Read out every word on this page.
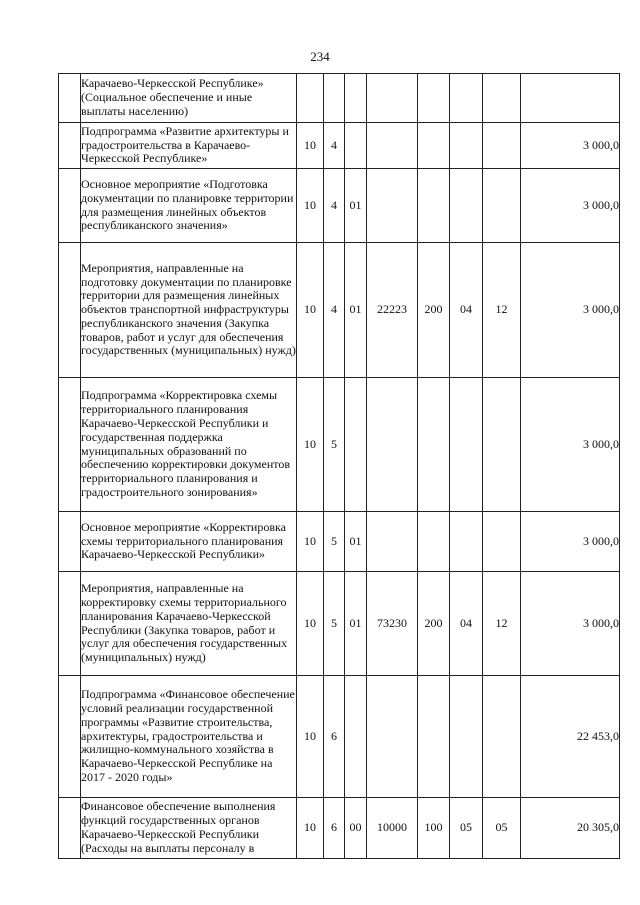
234
	Карачаево-Черкесской Республике» (Социальное обеспечение и иные выплаты населению)								
	Подпрограмма «Развитие архитектуры и градостроительства в Карачаево-Черкесской Республике»	10	4						3 000,0
	Основное мероприятие «Подготовка документации по планировке территории для размещения линейных объектов республиканского значения»	10	4	01					3 000,0
	Мероприятия, направленные на подготовку документации по планировке территории для размещения линейных объектов транспортной инфраструктуры республиканского значения (Закупка товаров, работ и услуг для обеспечения государственных (муниципальных) нужд)	10	4	01	22223	200	04	12	3 000,0
	Подпрограмма «Корректировка схемы территориального планирования Карачаево-Черкесской Республики и государственная поддержка муниципальных образований по обеспечению корректировки документов территориального планирования и градостроительного зонирования»	10	5						3 000,0
	Основное мероприятие «Корректировка схемы территориального планирования Карачаево-Черкесской Республики»	10	5	01					3 000,0
	Мероприятия, направленные на корректировку схемы территориального планирования Карачаево-Черкесской Республики (Закупка товаров, работ и услуг для обеспечения государственных (муниципальных) нужд)	10	5	01	73230	200	04	12	3 000,0
	Подпрограмма «Финансовое обеспечение условий реализации государственной программы «Развитие строительства, архитектуры, градостроительства и жилищно-коммунального хозяйства в Карачаево-Черкесской Республике на 2017 - 2020 годы»	10	6						22 453,0
	Финансовое обеспечение выполнения функций государственных органов Карачаево-Черкесской Республики (Расходы на выплаты персоналу в	10	6	00	10000	100	05	05	20 305,0
